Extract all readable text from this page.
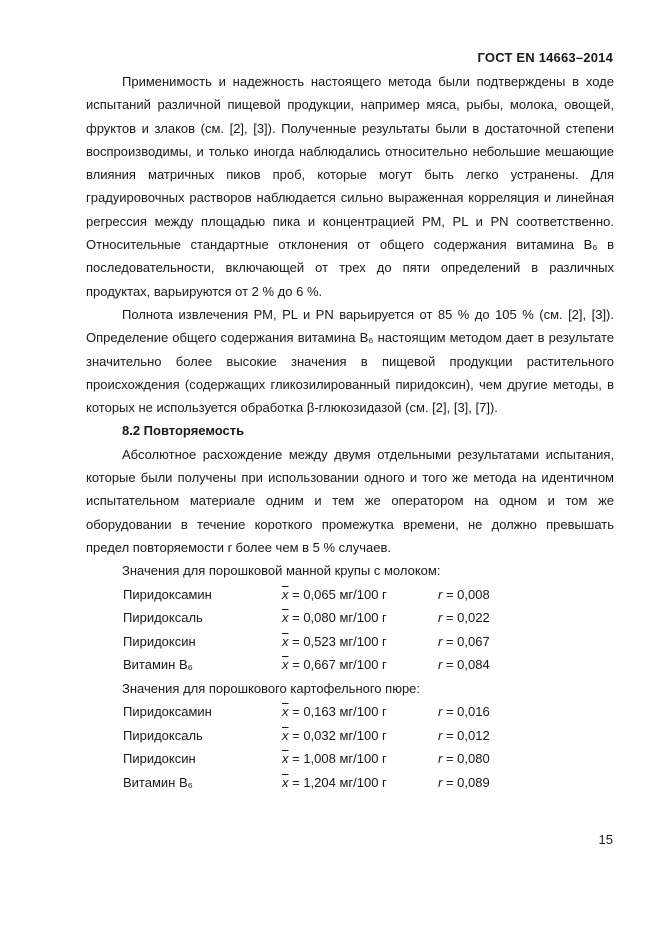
ГОСТ EN 14663–2014

Применимость и надежность настоящего метода были подтверждены в ходе испытаний различной пищевой продукции, например мяса, рыбы, молока, овощей, фруктов и злаков (см. [2], [3]). Полученные результаты были в достаточной степени воспроизводимы, и только иногда наблюдались относительно небольшие мешающие влияния матричных пиков проб, которые могут быть легко устранены. Для градуировочных растворов наблюдается сильно выраженная корреляция и линейная регрессия между площадью пика и концентрацией РМ, PL и PN соответственно. Относительные стандартные отклонения от общего содержания витамина B₆ в последовательности, включающей от трех до пяти определений в различных продуктах, варьируются от 2 % до 6 %.

Полнота извлечения РМ, PL и PN варьируется от 85 % до 105 % (см. [2], [3]). Определение общего содержания витамина B₆ настоящим методом дает в результате значительно более высокие значения в пищевой продукции растительного происхождения (содержащих гликозилированный пиридоксин), чем другие методы, в которых не используется обработка β-глюкозидазой (см. [2], [3], [7]).

8.2 Повторяемость

Абсолютное расхождение между двумя отдельными результатами испытания, которые были получены при использовании одного и того же метода на идентичном испытательном материале одним и тем же оператором на одном и том же оборудовании в течение короткого промежутка времени, не должно превышать предел повторяемости r более чем в 5 % случаев.

Значения для порошковой манной крупы с молоком:
Пиридоксамин	$\overline{x} = 0,065$ мг/100 г	r = 0,008
Пиридоксаль	$\overline{x} = 0,080$ мг/100 г	r = 0,022
Пиридоксин	$\overline{x} = 0,523$ мг/100 г	r = 0,067
Витамин B₆	$\overline{x} = 0,667$ мг/100 г	r = 0,084
Значения для порошкового картофельного пюре:
Пиридоксамин	$\overline{x} = 0,163$ мг/100 г	r = 0,016
Пиридоксаль	$\overline{x} = 0,032$ мг/100 г	r = 0,012
Пиридоксин	$\overline{x} = 1,008$ мг/100 г	r = 0,080
Витамин B₆	$\overline{x} = 1,204$ мг/100 г	r = 0,089
15
